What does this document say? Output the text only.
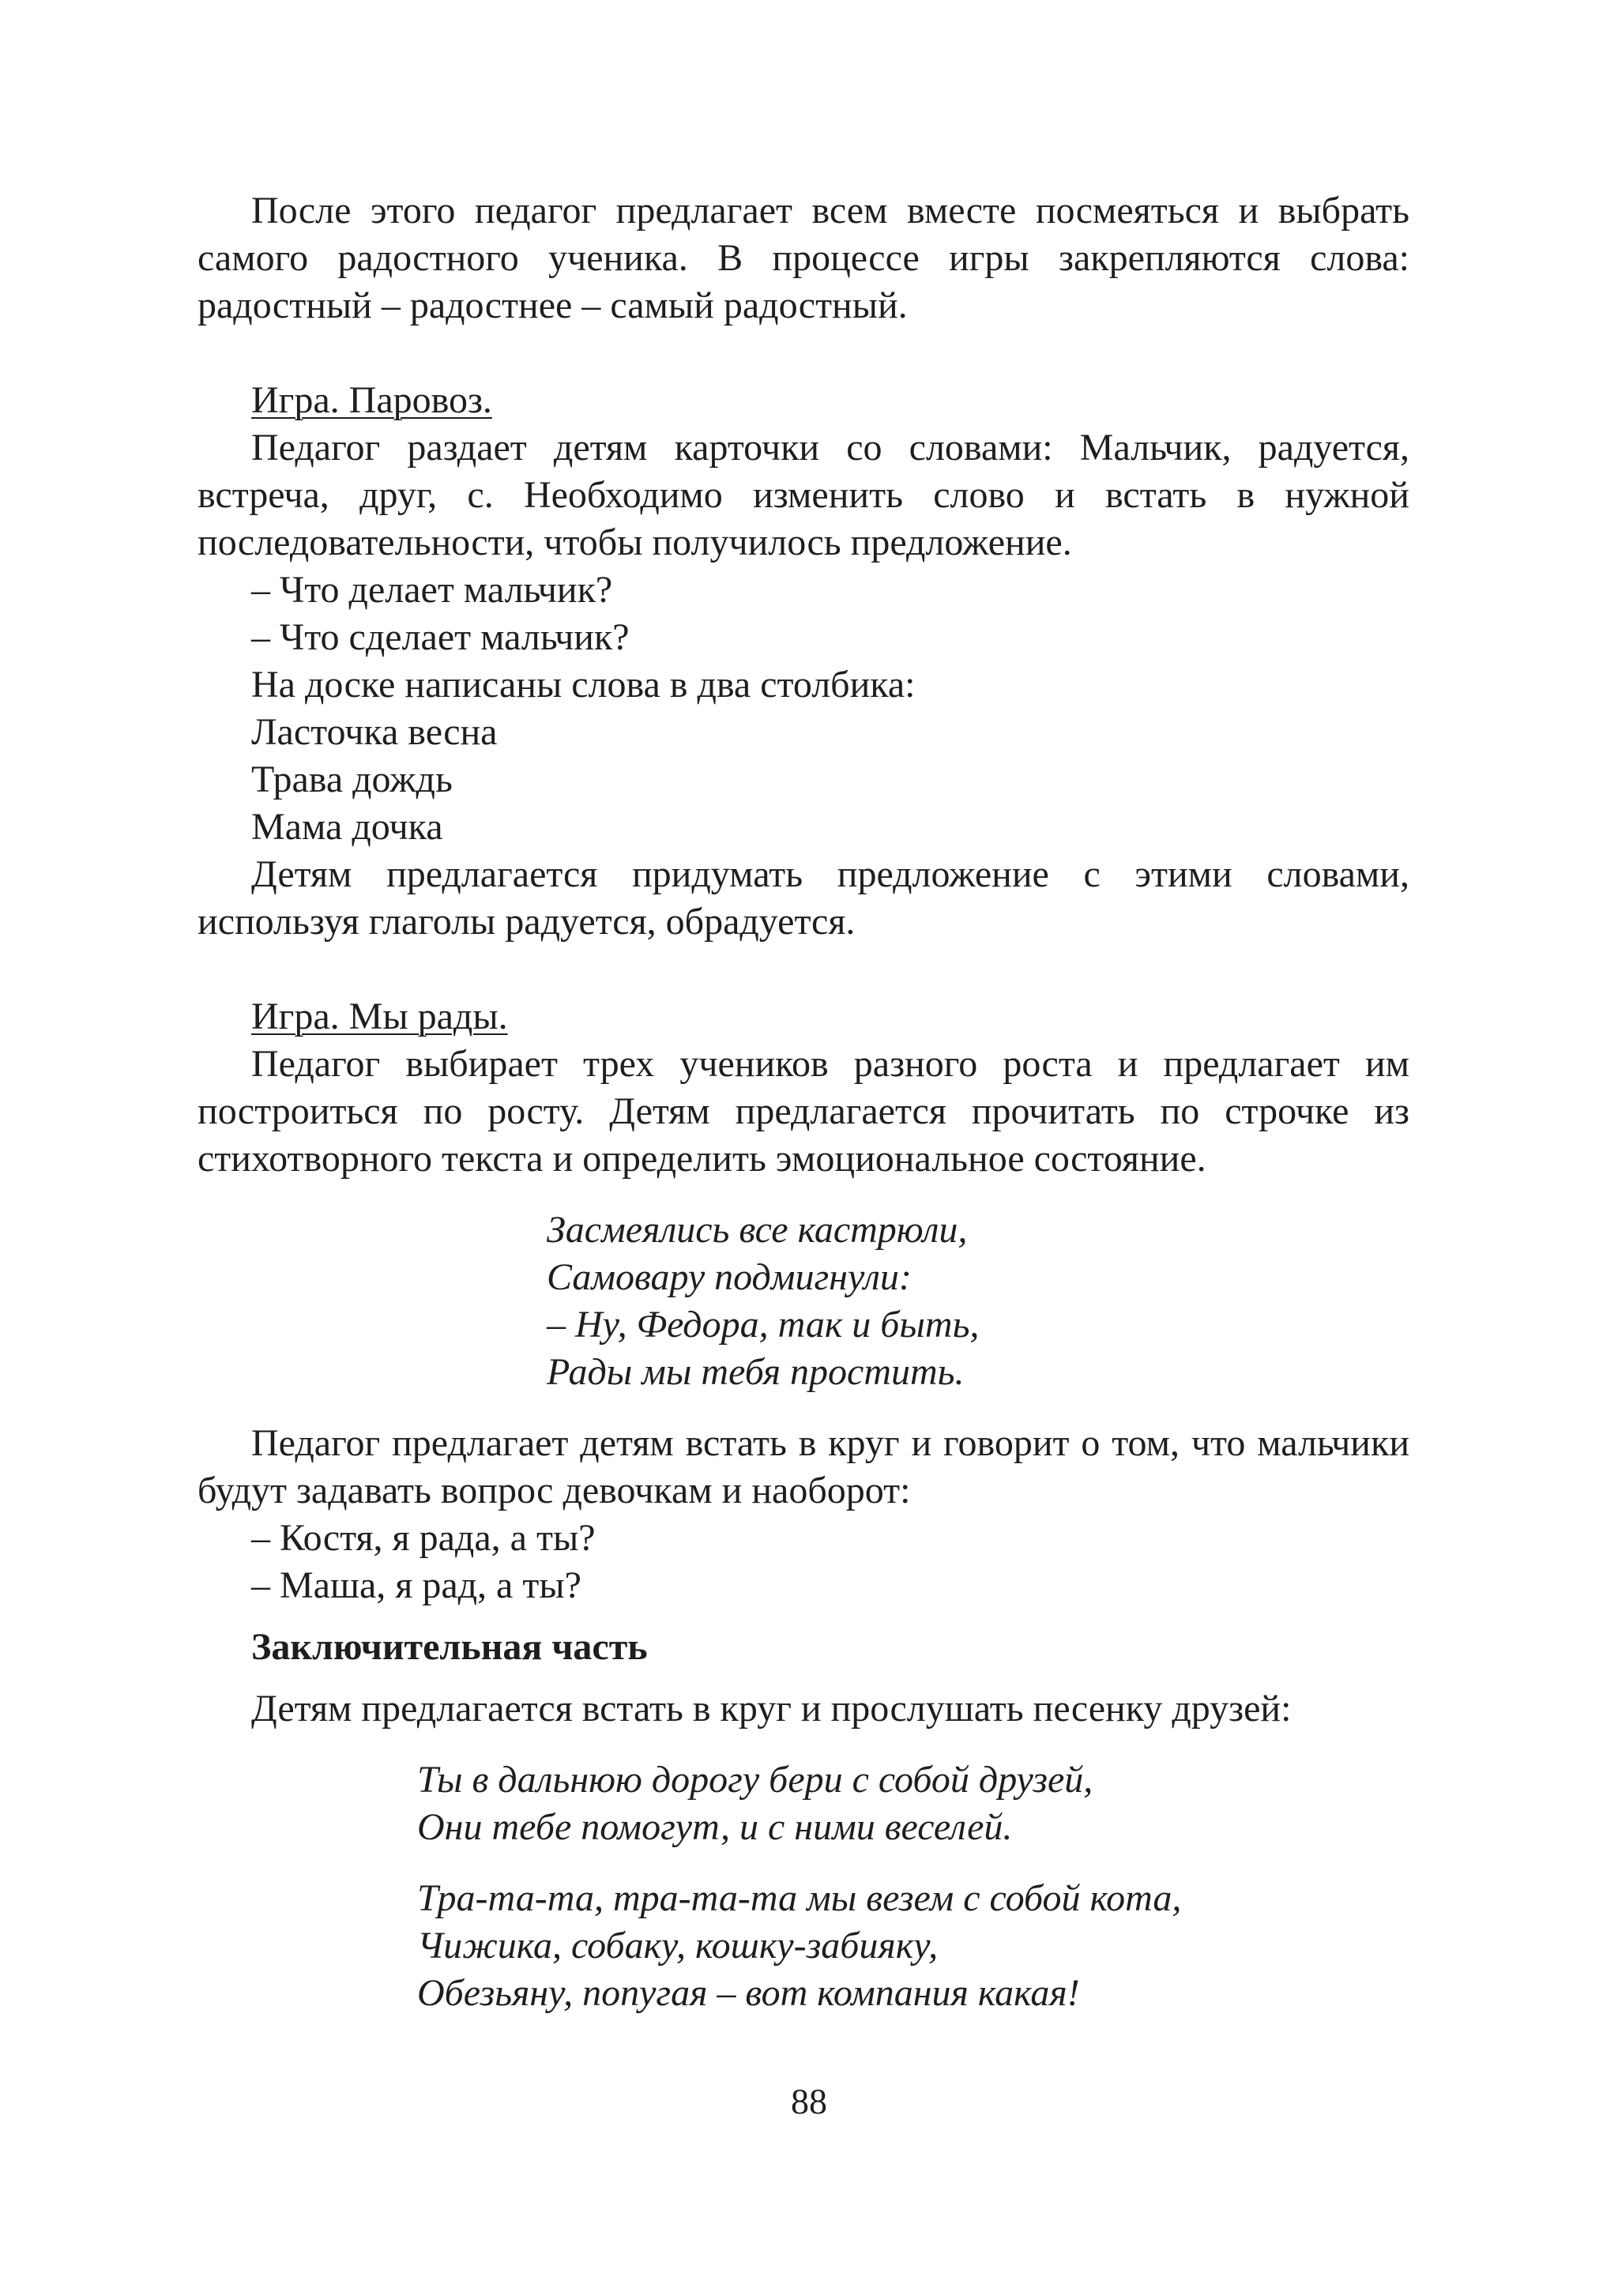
После этого педагог предлагает всем вместе посмеяться и выбрать самого радостного ученика. В процессе игры закрепляются слова: радостный – радостнее – самый радостный.

Игра. Паровоз.

Педагог раздает детям карточки со словами: Мальчик, радуется, встреча, друг, с. Необходимо изменить слово и встать в нужной последовательности, чтобы получилось предложение.

– Что делает мальчик?

– Что сделает мальчик?

На доске написаны слова в два столбика:

Ласточка весна

Трава дождь

Мама дочка

Детям предлагается придумать предложение с этими словами, используя глаголы радуется, обрадуется.

Игра. Мы рады.

Педагог выбирает трех учеников разного роста и предлагает им построиться по росту. Детям предлагается прочитать по строчке из стихотворного текста и определить эмоциональное состояние.

Засмеялись все кастрюли,

Самовару подмигнули:

– Ну, Федора, так и быть,

Рады мы тебя простить.

Педагог предлагает детям встать в круг и говорит о том, что мальчики будут задавать вопрос девочкам и наоборот:

– Костя, я рада, а ты?

– Маша, я рад, а ты?

Заключительная часть

Детям предлагается встать в круг и прослушать песенку друзей:

Ты в дальнюю дорогу бери с собой друзей,

Они тебе помогут, и с ними веселей.

Тра-та-та, тра-та-та мы везем с собой кота,

Чижика, собаку, кошку-забияку,

Обезьяну, попугая – вот компания какая!

88
